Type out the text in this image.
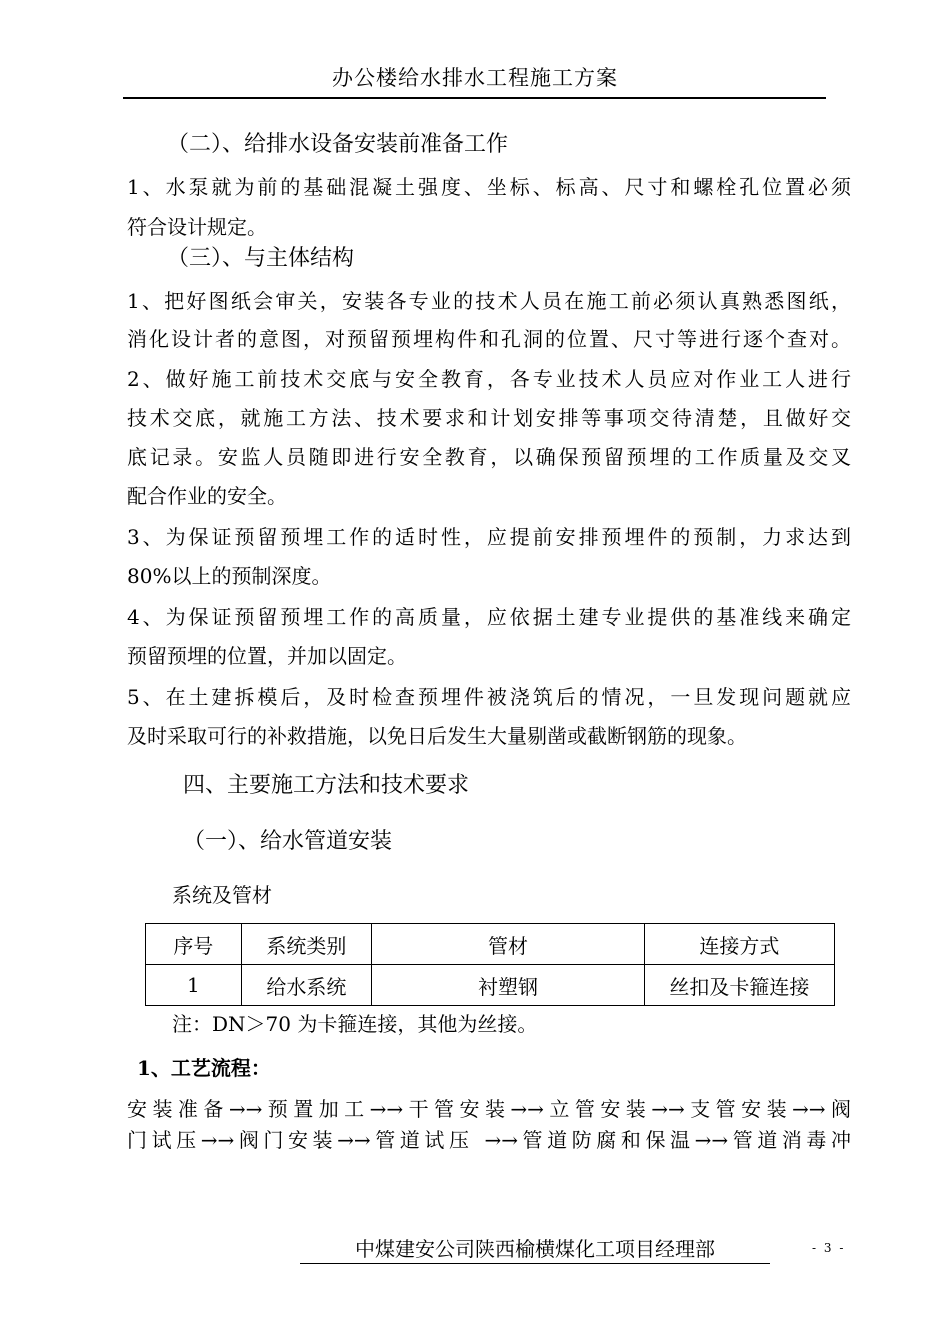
办公楼给水排水工程施工方案
（二）、给排水设备安装前准备工作
1、水泵就为前的基础混凝土强度、坐标、标高、尺寸和螺栓孔位置必须
符合设计规定。
（三）、与主体结构
1、把好图纸会审关，安装各专业的技术人员在施工前必须认真熟悉图纸，
消化设计者的意图，对预留预埋构件和孔洞的位置、尺寸等进行逐个查对。
2、做好施工前技术交底与安全教育，各专业技术人员应对作业工人进行
技术交底，就施工方法、技术要求和计划安排等事项交待清楚，且做好交
底记录。安监人员随即进行安全教育，以确保预留预埋的工作质量及交叉
配合作业的安全。
3、为保证预留预埋工作的适时性，应提前安排预埋件的预制，力求达到
80%以上的预制深度。
4、为保证预留预埋工作的高质量，应依据土建专业提供的基准线来确定
预留预埋的位置，并加以固定。
5、在土建拆模后，及时检查预埋件被浇筑后的情况，一旦发现问题就应
及时采取可行的补救措施，以免日后发生大量剔凿或截断钢筋的现象。
四、主要施工方法和技术要求
（一）、给水管道安装
系统及管材
序号	系统类别	管材	连接方式
1	给水系统	衬塑钢	丝扣及卡箍连接
注：DN＞70 为卡箍连接，其他为丝接。
1、工艺流程：
安装准备→→预置加工→→干管安装→→立管安装→→支管安装→→阀
门试压→→阀门安装→→管道试压 →→管道防腐和保温→→管道消毒冲
中煤建安公司陕西榆横煤化工项目经理部	- 3 -
